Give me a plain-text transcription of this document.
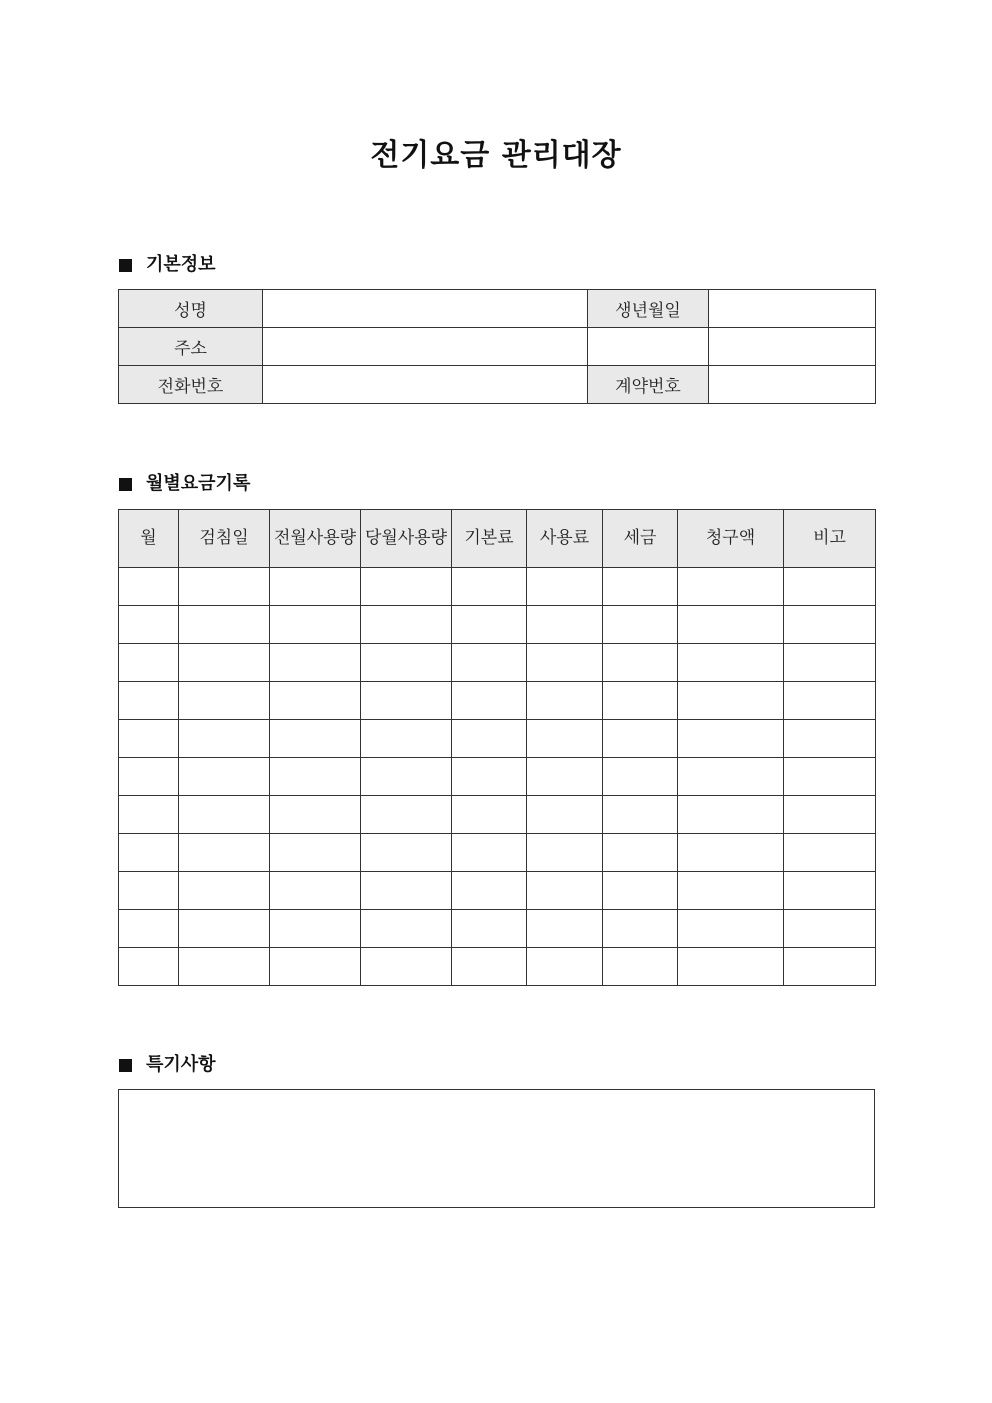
전기요금 관리대장
기본정보
성명		생년월일	
주소			
전화번호		계약번호	
월별요금기록
월	검침일	전월사용량	당월사용량	기본료	사용료	세금	청구액	비고

특기사항
